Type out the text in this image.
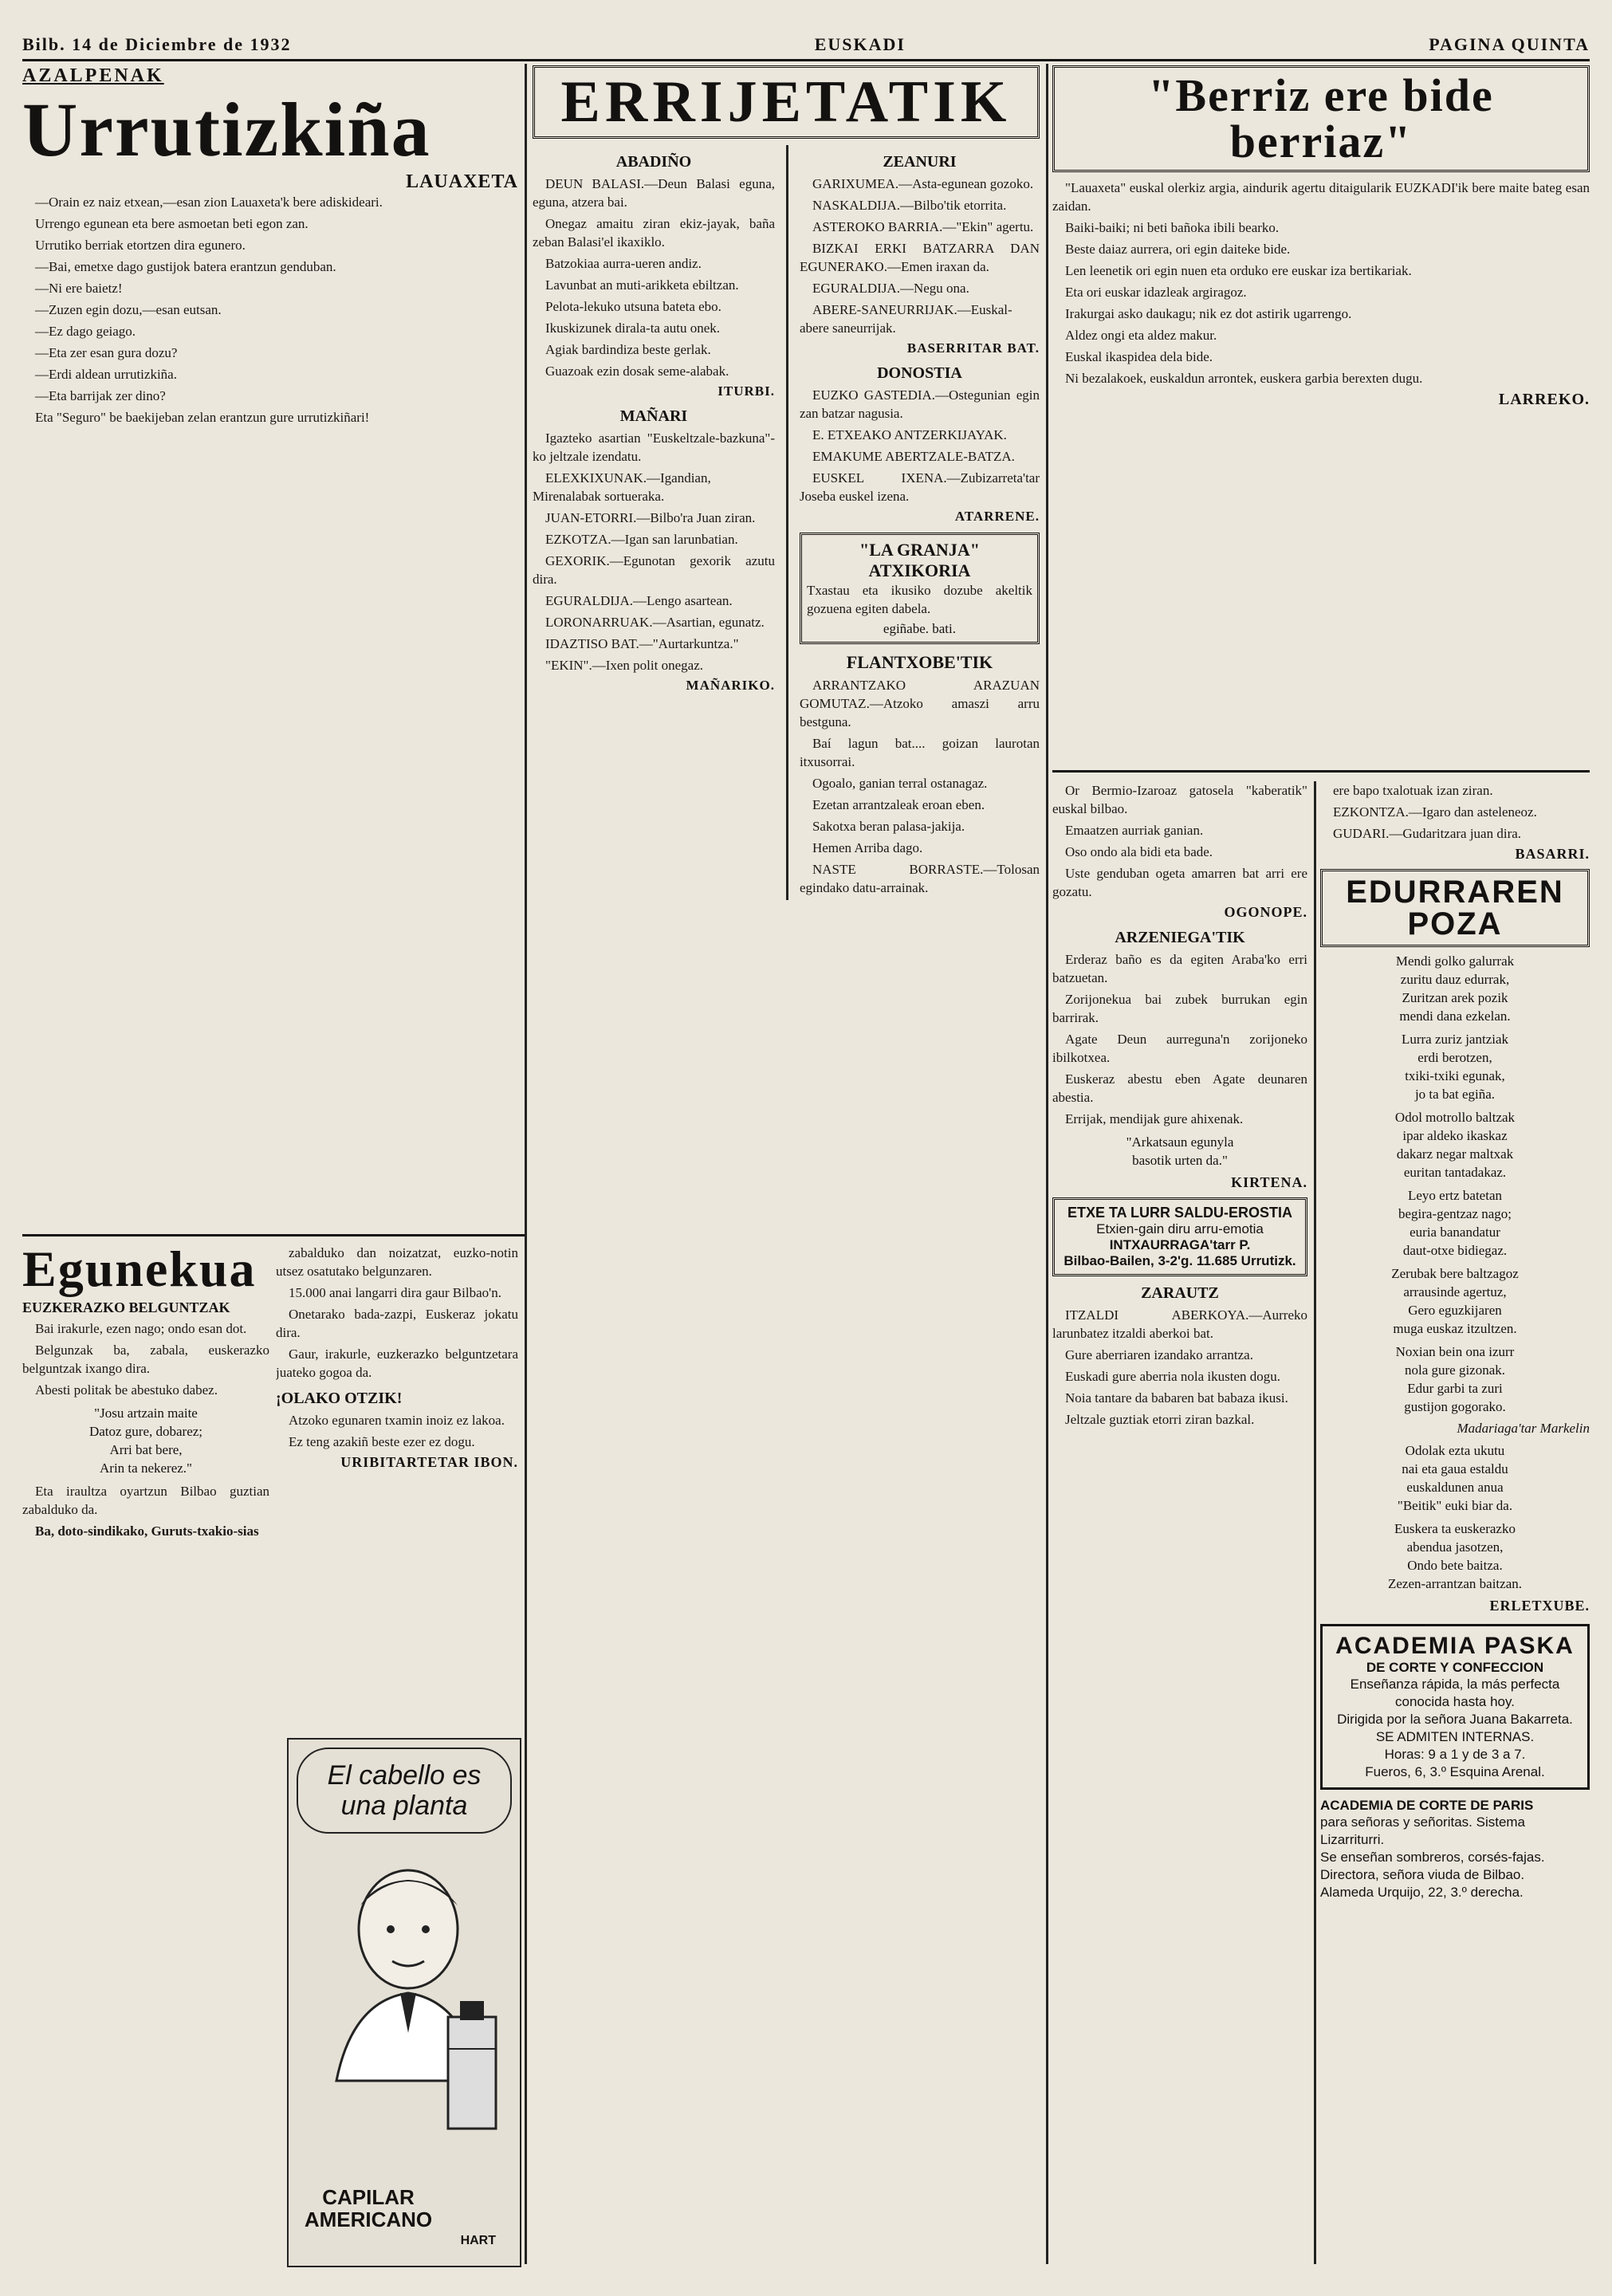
Bilb. 14 de Diciembre de 1932	EUSKADI	PAGINA QUINTA
AZALPENAK
Urrutizkiña
LAUAXETA

—Orain ez naiz etxean,—esan zion Lauaxeta'k bere adiskideari.

Urrengo egunean eta bere asmoetan beti egon zan.

Urrutiko berriak etortzen dira egunero.

—Bai, emetxe dago gustijok batera erantzun genduban.

—Ni ere baietz!

—Zuzen egin dozu,—esan eutsan.

—Ez dago geiago.

—Eta zer esan gura dozu?

—Erdi aldean urrutizkiña.

—Eta barrijak zer dino?

Eta "Seguro" be baekijeban zelan erantzun gure urrutizkiñari!

Egunekua
EUZKERAZKO BELGUNTZAK

Bai irakurle, ezen nago; ondo esan dot.

Belgunzak ba, zabala, euskerazko belguntzak ixango dira.

Abesti politak be abestuko dabez.

"Josu artzain maite
Datoz gure, dobarez;
Arri bat bere,
Arin ta nekerez."

Eta iraultza oyartzun Bilbao guztian zabalduko da.

Ba, doto-sindikako, Guruts-txakio-sias

zabalduko dan noizatzat, euzko-notin utsez osatutako belgunzaren.

15.000 anai langarri dira gaur Bilbao'n.

Onetarako bada-zazpi, Euskeraz jokatu dira.

Gaur, irakurle, euzkerazko belguntzetara juateko gogoa da.

¡OLAKO OTZIK!

Atzoko egunaren txamin inoiz ez lakoa.

Ez teng azakiñ beste ezer ez dogu.

URIBITARTETAR IBON.
El cabello es una planta
CAPILAR AMERICANO
HART
ERRIJETATIK
ABADIÑO

DEUN BALASI.—Deun Balasi eguna, eguna, atzera bai.

Onegaz amaitu ziran ekiz-jayak, baña zeban Balasi'el ikaxiklo.

Batzokiaa aurra-ueren andiz.

Lavunbat an muti-arikketa ebiltzan.

Pelota-lekuko utsuna bateta ebo.

Ikuskizunek dirala-ta autu onek.

Agiak bardindiza beste gerlak.

Guazoak ezin dosak seme-alabak.

ITURBI.
MAÑARI

Igazteko asartian "Euskeltzale-bazkuna"-ko jeltzale izendatu.

ELEXKIXUNAK.—Igandian, Mirenalabak sortueraka.

JUAN-ETORRI.—Bilbo'ra Juan ziran.

EZKOTZA.—Igan san larunbatian.

GEXORIK.—Egunotan gexorik azutu dira.

EGURALDIJA.—Lengo asartean.

LORONARRUAK.—Asartian, egunatz.

IDAZTISO BAT.—"Aurtarkuntza."

"EKIN".—Ixen polit onegaz.

MAÑARIKO.
ZEANURI

GARIXUMEA.—Asta-egunean gozoko.

NASKALDIJA.—Bilbo'tik etorrita.

ASTEROKO BARRIA.—"Ekin" agertu.

BIZKAI ERKI BATZARRA DAN EGUNERAKO.—Emen iraxan da.

EGURALDIJA.—Negu ona.

ABERE-SANEURRIJAK.—Euskal-abere saneurrijak.

BASERRITAR BAT.
DONOSTIA

EUZKO GASTEDIA.—Ostegunian egin zan batzar nagusia.

E. ETXEAKO ANTZERKIJAYAK.

EMAKUME ABERTZALE-BATZA.

EUSKEL IXENA.—Zubizarreta'tar Joseba euskel izena.

ATARRENE.
"LA GRANJA" ATXIKORIA

Txastau eta ikusiko dozube akeltik gozuena egiten dabela.

egiñabe. bati.
FLANTXOBE'TIK

ARRANTZAKO ARAZUAN GOMUTAZ.—Atzoko amaszi arru bestguna.

Baí lagun bat.... goizan laurotan itxusorrai.

Ogoalo, ganian terral ostanagaz.

Ezetan arrantzaleak eroan eben.

Sakotxa beran palasa-jakija.

Hemen Arriba dago.

NASTE BORRASTE.—Tolosan egindako datu-arrainak.

"Berriz ere bide berriaz"

"Lauaxeta" euskal olerkiz argia, aindurik agertu ditaigularik EUZKADI'ik bere maite bateg esan zaidan.

Baiki-baiki; ni beti bañoka ibili bearko.

Beste daiaz aurrera, ori egin daiteke bide.

Len leenetik ori egin nuen eta orduko ere euskar iza bertikariak.

Eta ori euskar idazleak argiragoz.

Irakurgai asko daukagu; nik ez dot astirik ugarrengo.

Aldez ongi eta aldez makur.

Euskal ikaspidea dela bide.

Ni bezalakoek, euskaldun arrontek, euskera garbia berexten dugu.

LARREKO.

Or Bermio-Izaroaz gatosela "kaberatik" euskal bilbao.

Emaatzen aurriak ganian.

Oso ondo ala bidi eta bade.

Uste genduban ogeta amarren bat arri ere gozatu.

OGONOPE.
ARZENIEGA'TIK

Erderaz baño es da egiten Araba'ko erri batzuetan.

Zorijonekua bai zubek burrukan egin barrirak.

Agate Deun aurreguna'n zorijoneko ibilkotxea.

Euskeraz abestu eben Agate deunaren abestia.

Errijak, mendijak gure ahixenak.

"Arkatsaun egunyla
basotik urten da."
KIRTENA.
ETXE TA LURR SALDU-EROSTIA
Etxien-gain diru arru-emotia
INTXAURRAGA'tarr P.
Bilbao-Bailen, 3-2'g. 11.685 Urrutizk.
ZARAUTZ

ITZALDI ABERKOYA.—Aurreko larunbatez itzaldi aberkoi bat.

Gure aberriaren izandako arrantza.

Euskadi gure aberria nola ikusten dogu.

Noia tantare da babaren bat babaza ikusi.

Jeltzale guztiak etorri ziran bazkal.

ere bapo txalotuak izan ziran.

EZKONTZA.—Igaro dan asteleneoz.

GUDARI.—Gudaritzara juan dira.

BASARRI.
EDURRAREN POZA
Mendi golko galurrak
zuritu dauz edurrak,
Zuritzan arek pozik
mendi dana ezkelan.
Lurra zuriz jantziak
erdi berotzen,
txiki-txiki egunak,
jo ta bat egiña.
Odol motrollo baltzak
ipar aldeko ikaskaz
dakarz negar maltxak
euritan tantadakaz.
Leyo ertz batetan
begira-gentzaz nago;
euria banandatur
daut-otxe bidiegaz.
Zerubak bere baltzagoz
arrausinde agertuz,
Gero eguzkijaren
muga euskaz itzultzen.
Noxian bein ona izurr
nola gure gizonak.
Edur garbi ta zuri
gustijon gogorako.
Madariaga'tar Markelin
Odolak ezta ukutu
nai eta gaua estaldu
euskaldunen anua
"Beitik" euki biar da.
Euskera ta euskerazko
abendua jasotzen,
Ondo bete baitza.
Zezen-arrantzan baitzan.
ERLETXUBE.
ACADEMIA PASKA
DE CORTE Y CONFECCION
Enseñanza rápida, la más perfecta conocida hasta hoy.
Dirigida por la señora Juana Bakarreta.
SE ADMITEN INTERNAS.
Horas: 9 a 1 y de 3 a 7.
Fueros, 6, 3.º Esquina Arenal.
ACADEMIA DE CORTE DE PARIS
para señoras y señoritas. Sistema Lizarriturri.
Se enseñan sombreros, corsés-fajas.
Directora, señora viuda de Bilbao.
Alameda Urquijo, 22, 3.º derecha.
